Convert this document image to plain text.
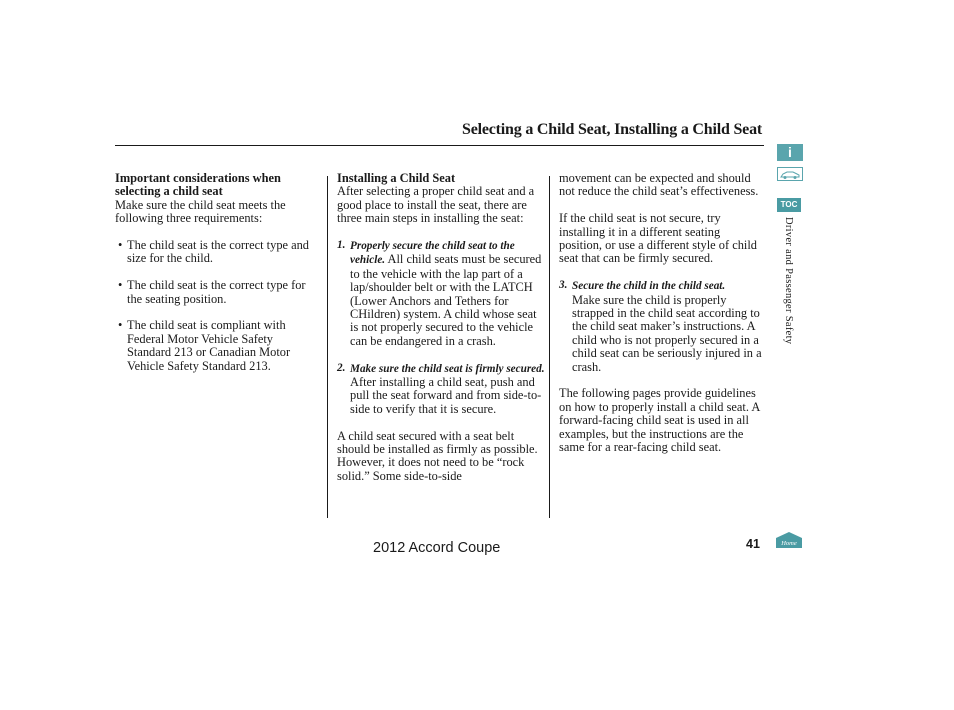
Selecting a Child Seat, Installing a Child Seat

Important considerations when selecting a child seat

Make sure the child seat meets the following three requirements:

• The child seat is the correct type and size for the child.

• The child seat is the correct type for the seating position.

• The child seat is compliant with Federal Motor Vehicle Safety Standard 213 or Canadian Motor Vehicle Safety Standard 213.

Installing a Child Seat

After selecting a proper child seat and a good place to install the seat, there are three main steps in installing the seat:

1. Properly secure the child seat to the vehicle. All child seats must be secured to the vehicle with the lap part of a lap/shoulder belt or with the LATCH (Lower Anchors and Tethers for CHildren) system. A child whose seat is not properly secured to the vehicle can be endangered in a crash.

2. Make sure the child seat is firmly secured. After installing a child seat, push and pull the seat forward and from side-to-side to verify that it is secure.

A child seat secured with a seat belt should be installed as firmly as possible. However, it does not need to be “rock solid.” Some side-to-side

movement can be expected and should not reduce the child seat’s effectiveness.

If the child seat is not secure, try installing it in a different seating position, or use a different style of child seat that can be firmly secured.

3. Secure the child in the child seat.
Make sure the child is properly strapped in the child seat according to the child seat maker’s instructions. A child who is not properly secured in a child seat can be seriously injured in a crash.

The following pages provide guidelines on how to properly install a child seat. A forward-facing child seat is used in all examples, but the instructions are the same for a rear-facing child seat.

i
TOC
Driver and Passenger Safety
2012 Accord Coupe	41	Home
